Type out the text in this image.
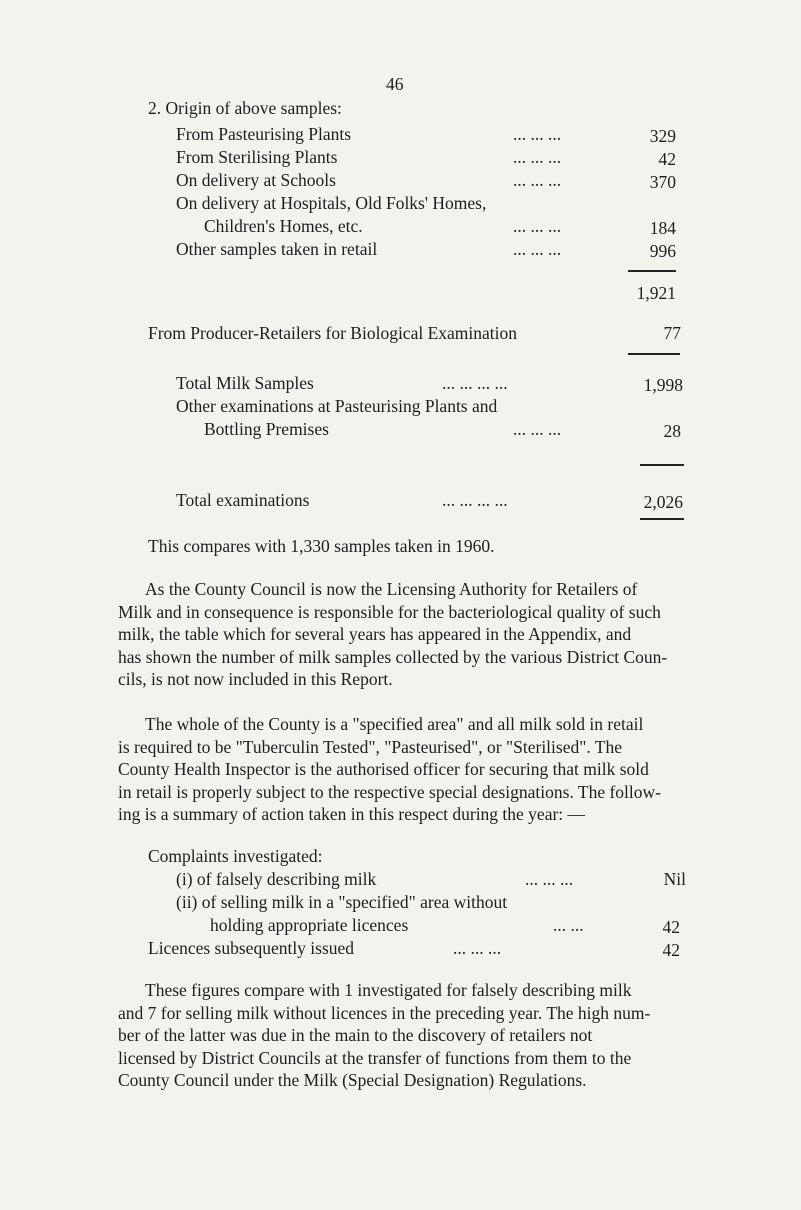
46
2. Origin of above samples:
From Pasteurising Plants	... ... ...	329
From Sterilising Plants	... ... ...	42
On delivery at Schools	... ... ...	370
On delivery at Hospitals, Old Folks' Homes,
Children's Homes, etc.	... ... ...	184
Other samples taken in retail	... ... ...	996
1,921
From Producer-Retailers for Biological Examination	77
Total Milk Samples	... ... ... ...	1,998
Other examinations at Pasteurising Plants and
Bottling Premises	... ... ...	28
Total examinations	... ... ... ...	2,026
This compares with 1,330 samples taken in 1960.
As the County Council is now the Licensing Authority for Retailers of
Milk and in consequence is responsible for the bacteriological quality of such
milk, the table which for several years has appeared in the Appendix, and
has shown the number of milk samples collected by the various District Coun-
cils, is not now included in this Report.
The whole of the County is a "specified area" and all milk sold in retail
is required to be "Tuberculin Tested", "Pasteurised", or "Sterilised". The
County Health Inspector is the authorised officer for securing that milk sold
in retail is properly subject to the respective special designations. The follow-
ing is a summary of action taken in this respect during the year: —
Complaints investigated:
(i) of falsely describing milk	... ... ...	Nil
(ii) of selling milk in a "specified" area without
holding appropriate licences	... ...	42
Licences subsequently issued	... ... ...	42
These figures compare with 1 investigated for falsely describing milk
and 7 for selling milk without licences in the preceding year. The high num-
ber of the latter was due in the main to the discovery of retailers not
licensed by District Councils at the transfer of functions from them to the
County Council under the Milk (Special Designation) Regulations.
